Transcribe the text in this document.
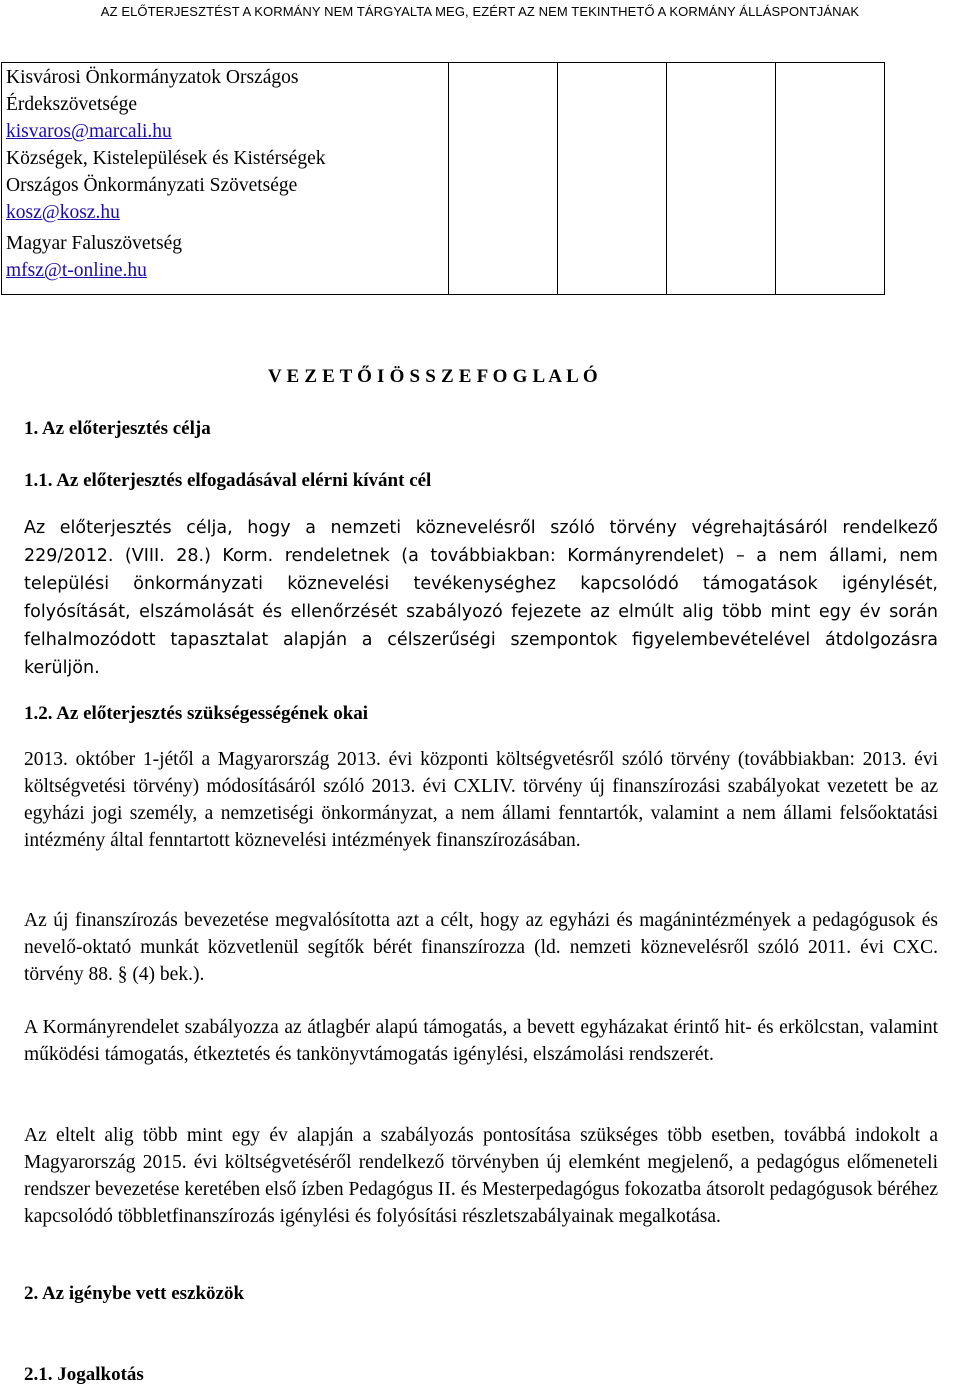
AZ ELŐTERJESZTÉST A KORMÁNY NEM TÁRGYALTA MEG, EZÉRT AZ NEM TEKINTHETŐ A KORMÁNY ÁLLÁSPONTJÁNAK
Kisvárosi Önkormányzatok Országos
Érdekszövetsége
kisvaros@marcali.hu
Községek, Kistelepülések és Kistérségek
Országos Önkormányzati Szövetsége
kosz@kosz.hu
Magyar Faluszövetség
mfsz@t-online.hu

V E Z E T Ő I Ö S S Z E F O G L A L Ó
1. Az előterjesztés célja
1.1. Az előterjesztés elfogadásával elérni kívánt cél
Az előterjesztés célja, hogy a nemzeti köznevelésről szóló törvény végrehajtásáról rendelkező 229/2012. (VIII. 28.) Korm. rendeletnek (a továbbiakban: Kormányrendelet) – a nem állami, nem települési önkormányzati köznevelési tevékenységhez kapcsolódó támogatások igénylését, folyósítását, elszámolását és ellenőrzését szabályozó fejezete az elmúlt alig több mint egy év során felhalmozódott tapasztalat alapján a célszerűségi szempontok figyelembevételével átdolgozásra kerüljön.
1.2. Az előterjesztés szükségességének okai
2013. október 1-jétől a Magyarország 2013. évi központi költségvetésről szóló törvény (továbbiakban: 2013. évi költségvetési törvény) módosításáról szóló 2013. évi CXLIV. törvény új finanszírozási szabályokat vezetett be az egyházi jogi személy, a nemzetiségi önkormányzat, a nem állami fenntartók, valamint a nem állami felsőoktatási intézmény által fenntartott köznevelési intézmények finanszírozásában.
Az új finanszírozás bevezetése megvalósította azt a célt, hogy az egyházi és magánintézmények a pedagógusok és nevelő-oktató munkát közvetlenül segítők bérét finanszírozza (ld. nemzeti köznevelésről szóló 2011. évi CXC. törvény 88. § (4) bek.).
A Kormányrendelet szabályozza az átlagbér alapú támogatás, a bevett egyházakat érintő hit- és erkölcstan, valamint működési támogatás, étkeztetés és tankönyvtámogatás igénylési, elszámolási rendszerét.
Az eltelt alig több mint egy év alapján a szabályozás pontosítása szükséges több esetben, továbbá indokolt a Magyarország 2015. évi költségvetéséről rendelkező törvényben új elemként megjelenő, a pedagógus előmeneteli rendszer bevezetése keretében első ízben Pedagógus II. és Mesterpedagógus fokozatba átsorolt pedagógusok béréhez kapcsolódó többletfinanszírozás igénylési és folyósítási részletszabályainak megalkotása.
2. Az igénybe vett eszközök
2.1. Jogalkotás
